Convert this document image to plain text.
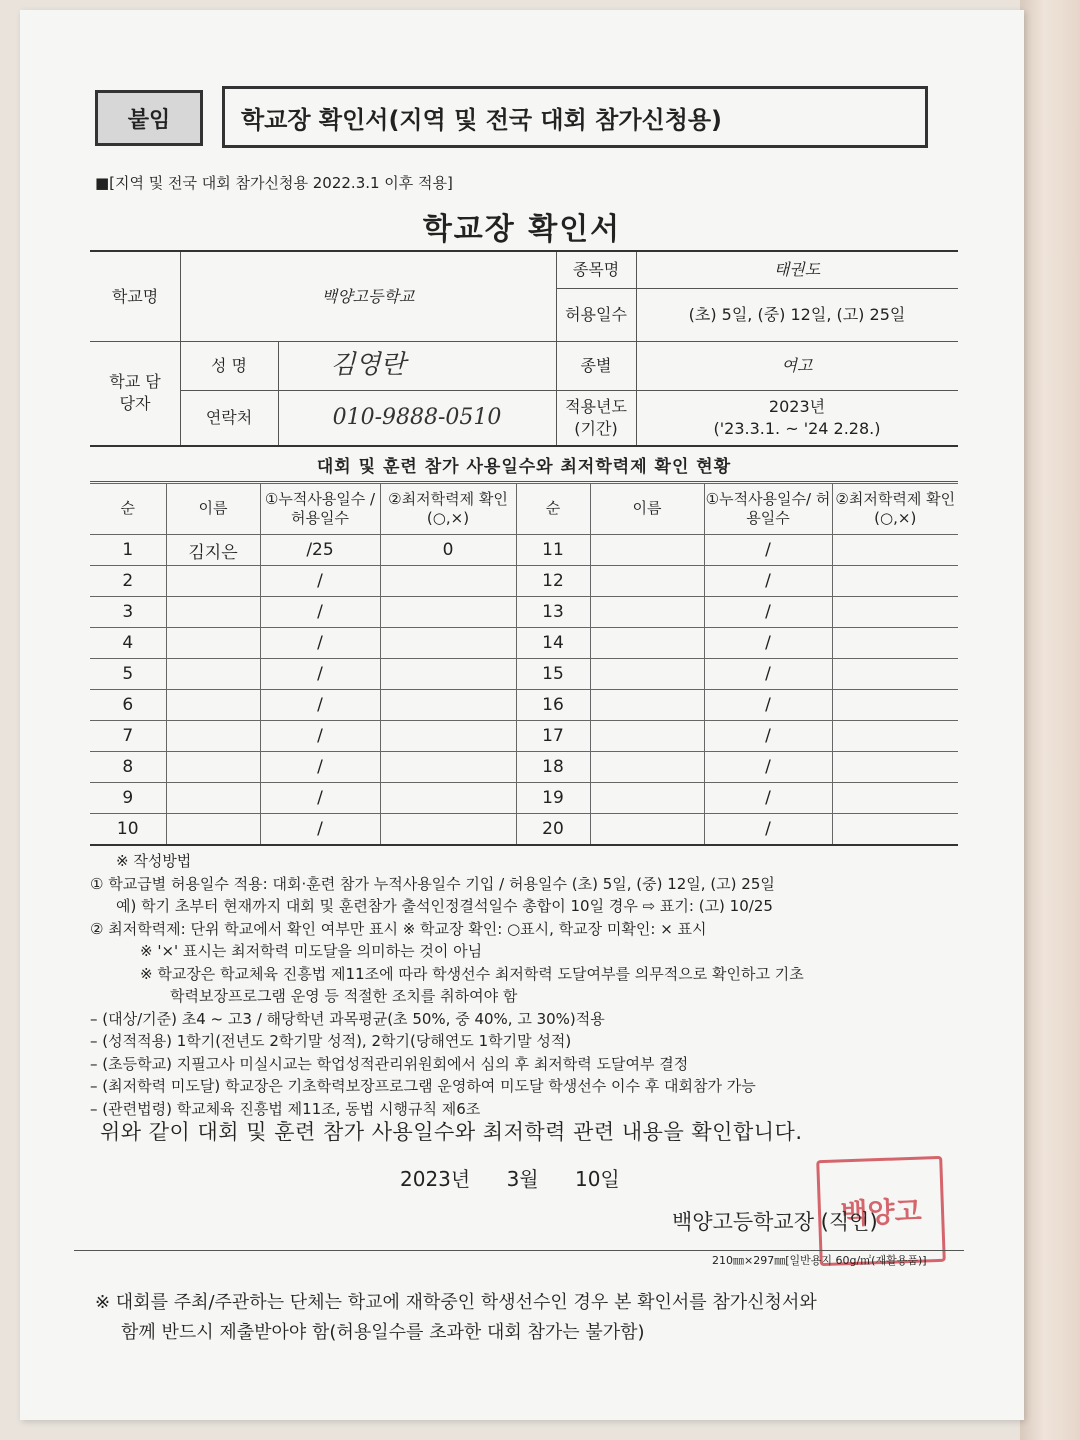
붙임	학교장 확인서(지역 및 전국 대회 참가신청용)
■[지역 및 전국 대회 참가신청용 2022.3.1 이후 적용]
학교장 확인서
학교명	백양고등학교
종목명	태권도
허용일수	(초) 5일, (중) 12일, (고) 25일
학교 담당자
성 명	김영란
연락처	010-9888-0510
종별	여고
적용년도 (기간)
2023년
('23.3.1. ~ '24 2.28.)
대회 및 훈련 참가 사용일수와 최저학력제 확인 현황
순	이름	①누적사용일수 /허용일수	②최저학력제 확인(○,×)	순	이름	①누적사용일수/ 허용일수	②최저학력제 확인(○,×)
1	김지은	/25	0	11		/	
2		/		12		/	
3		/		13		/	
4		/		14		/	
5		/		15		/	
6		/		16		/	
7		/		17		/	
8		/		18		/	
9		/		19		/	
10		/		20		/	
※ 작성방법
① 학교급별 허용일수 적용: 대회·훈련 참가 누적사용일수 기입 / 허용일수 (초) 5일, (중) 12일, (고) 25일
예) 학기 초부터 현재까지 대회 및 훈련참가 출석인정결석일수 총합이 10일 경우 ⇨ 표기: (고) 10/25
② 최저학력제: 단위 학교에서 확인 여부만 표시 ※ 학교장 확인: ○표시, 학교장 미확인: × 표시
※ '×' 표시는 최저학력 미도달을 의미하는 것이 아님
※ 학교장은 학교체육 진흥법 제11조에 따라 학생선수 최저학력 도달여부를 의무적으로 확인하고 기초
학력보장프로그램 운영 등 적절한 조치를 취하여야 함
– (대상/기준) 초4 ~ 고3 / 해당학년 과목평균(초 50%, 중 40%, 고 30%)적용
– (성적적용) 1학기(전년도 2학기말 성적), 2학기(당해연도 1학기말 성적)
– (초등학교) 지필고사 미실시교는 학업성적관리위원회에서 심의 후 최저학력 도달여부 결정
– (최저학력 미도달) 학교장은 기초학력보장프로그램 운영하여 미도달 학생선수 이수 후 대회참가 가능
– (관련법령) 학교체육 진흥법 제11조, 동법 시행규칙 제6조
위와 같이 대회 및 훈련 참가 사용일수와 최저학력 관련 내용을 확인합니다.
2023년 3월 10일
백양고
백양고등학교장 (직인)
210㎜×297㎜[일반용지 60g/㎡(재활용품)]
※ 대회를 주최/주관하는 단체는 학교에 재학중인 학생선수인 경우 본 확인서를 참가신청서와
함께 반드시 제출받아야 함(허용일수를 초과한 대회 참가는 불가함)
